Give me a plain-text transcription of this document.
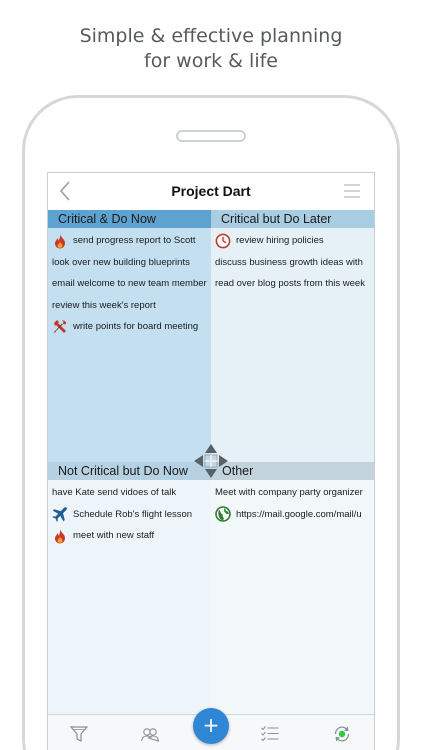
Simple & effective planning
for work & life
Project Dart
Critical & Do Now
send progress report to Scott
look over new building blueprints
email welcome to new team member
review this week's report
write points for board meeting
Critical but Do Later
review hiring policies
discuss business growth ideas with
read over blog posts from this week
Not Critical but Do Now
have Kate send vidoes of talk
Schedule Rob's flight lesson
meet with new staff
Other
Meet with company party organizer
https://mail.google.com/mail/u
+
